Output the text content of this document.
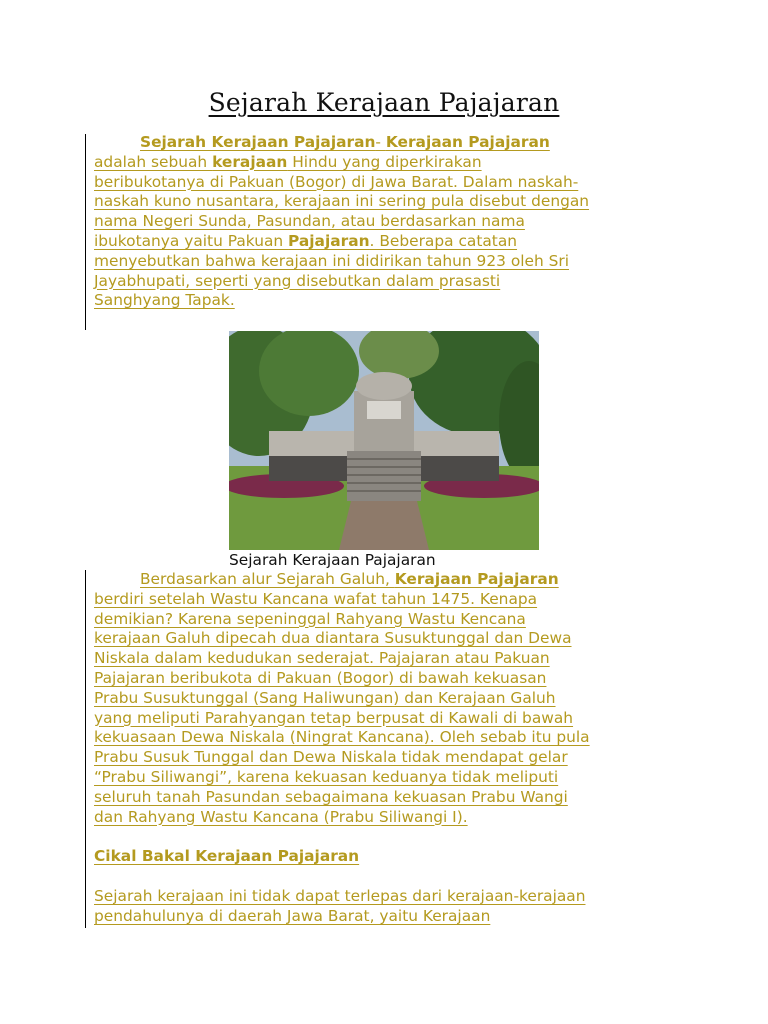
Sejarah Kerajaan Pajajaran
Sejarah Kerajaan Pajajaran- Kerajaan Pajajaran
adalah sebuah kerajaan Hindu yang diperkirakan
beribukotanya di Pakuan (Bogor) di Jawa Barat. Dalam naskah-
naskah kuno nusantara, kerajaan ini sering pula disebut dengan
nama Negeri Sunda, Pasundan, atau berdasarkan nama
ibukotanya yaitu Pakuan Pajajaran. Beberapa catatan
menyebutkan bahwa kerajaan ini didirikan tahun 923 oleh Sri
Jayabhupati, seperti yang disebutkan dalam prasasti
Sanghyang Tapak.
Sejarah Kerajaan Pajajaran
Berdasarkan alur Sejarah Galuh, Kerajaan Pajajaran
berdiri setelah Wastu Kancana wafat tahun 1475. Kenapa
demikian? Karena sepeninggal Rahyang Wastu Kencana
kerajaan Galuh dipecah dua diantara Susuktunggal dan Dewa
Niskala dalam kedudukan sederajat. Pajajaran atau Pakuan
Pajajaran beribukota di Pakuan (Bogor) di bawah kekuasan
Prabu Susuktunggal (Sang Haliwungan) dan Kerajaan Galuh
yang meliputi Parahyangan tetap berpusat di Kawali di bawah
kekuasaan Dewa Niskala (Ningrat Kancana). Oleh sebab itu pula
Prabu Susuk Tunggal dan Dewa Niskala tidak mendapat gelar
“Prabu Siliwangi”, karena kekuasan keduanya tidak meliputi
seluruh tanah Pasundan sebagaimana kekuasan Prabu Wangi
dan Rahyang Wastu Kancana (Prabu Siliwangi I).
Cikal Bakal Kerajaan Pajajaran
Sejarah kerajaan ini tidak dapat terlepas dari kerajaan-kerajaan
pendahulunya di daerah Jawa Barat, yaitu Kerajaan
